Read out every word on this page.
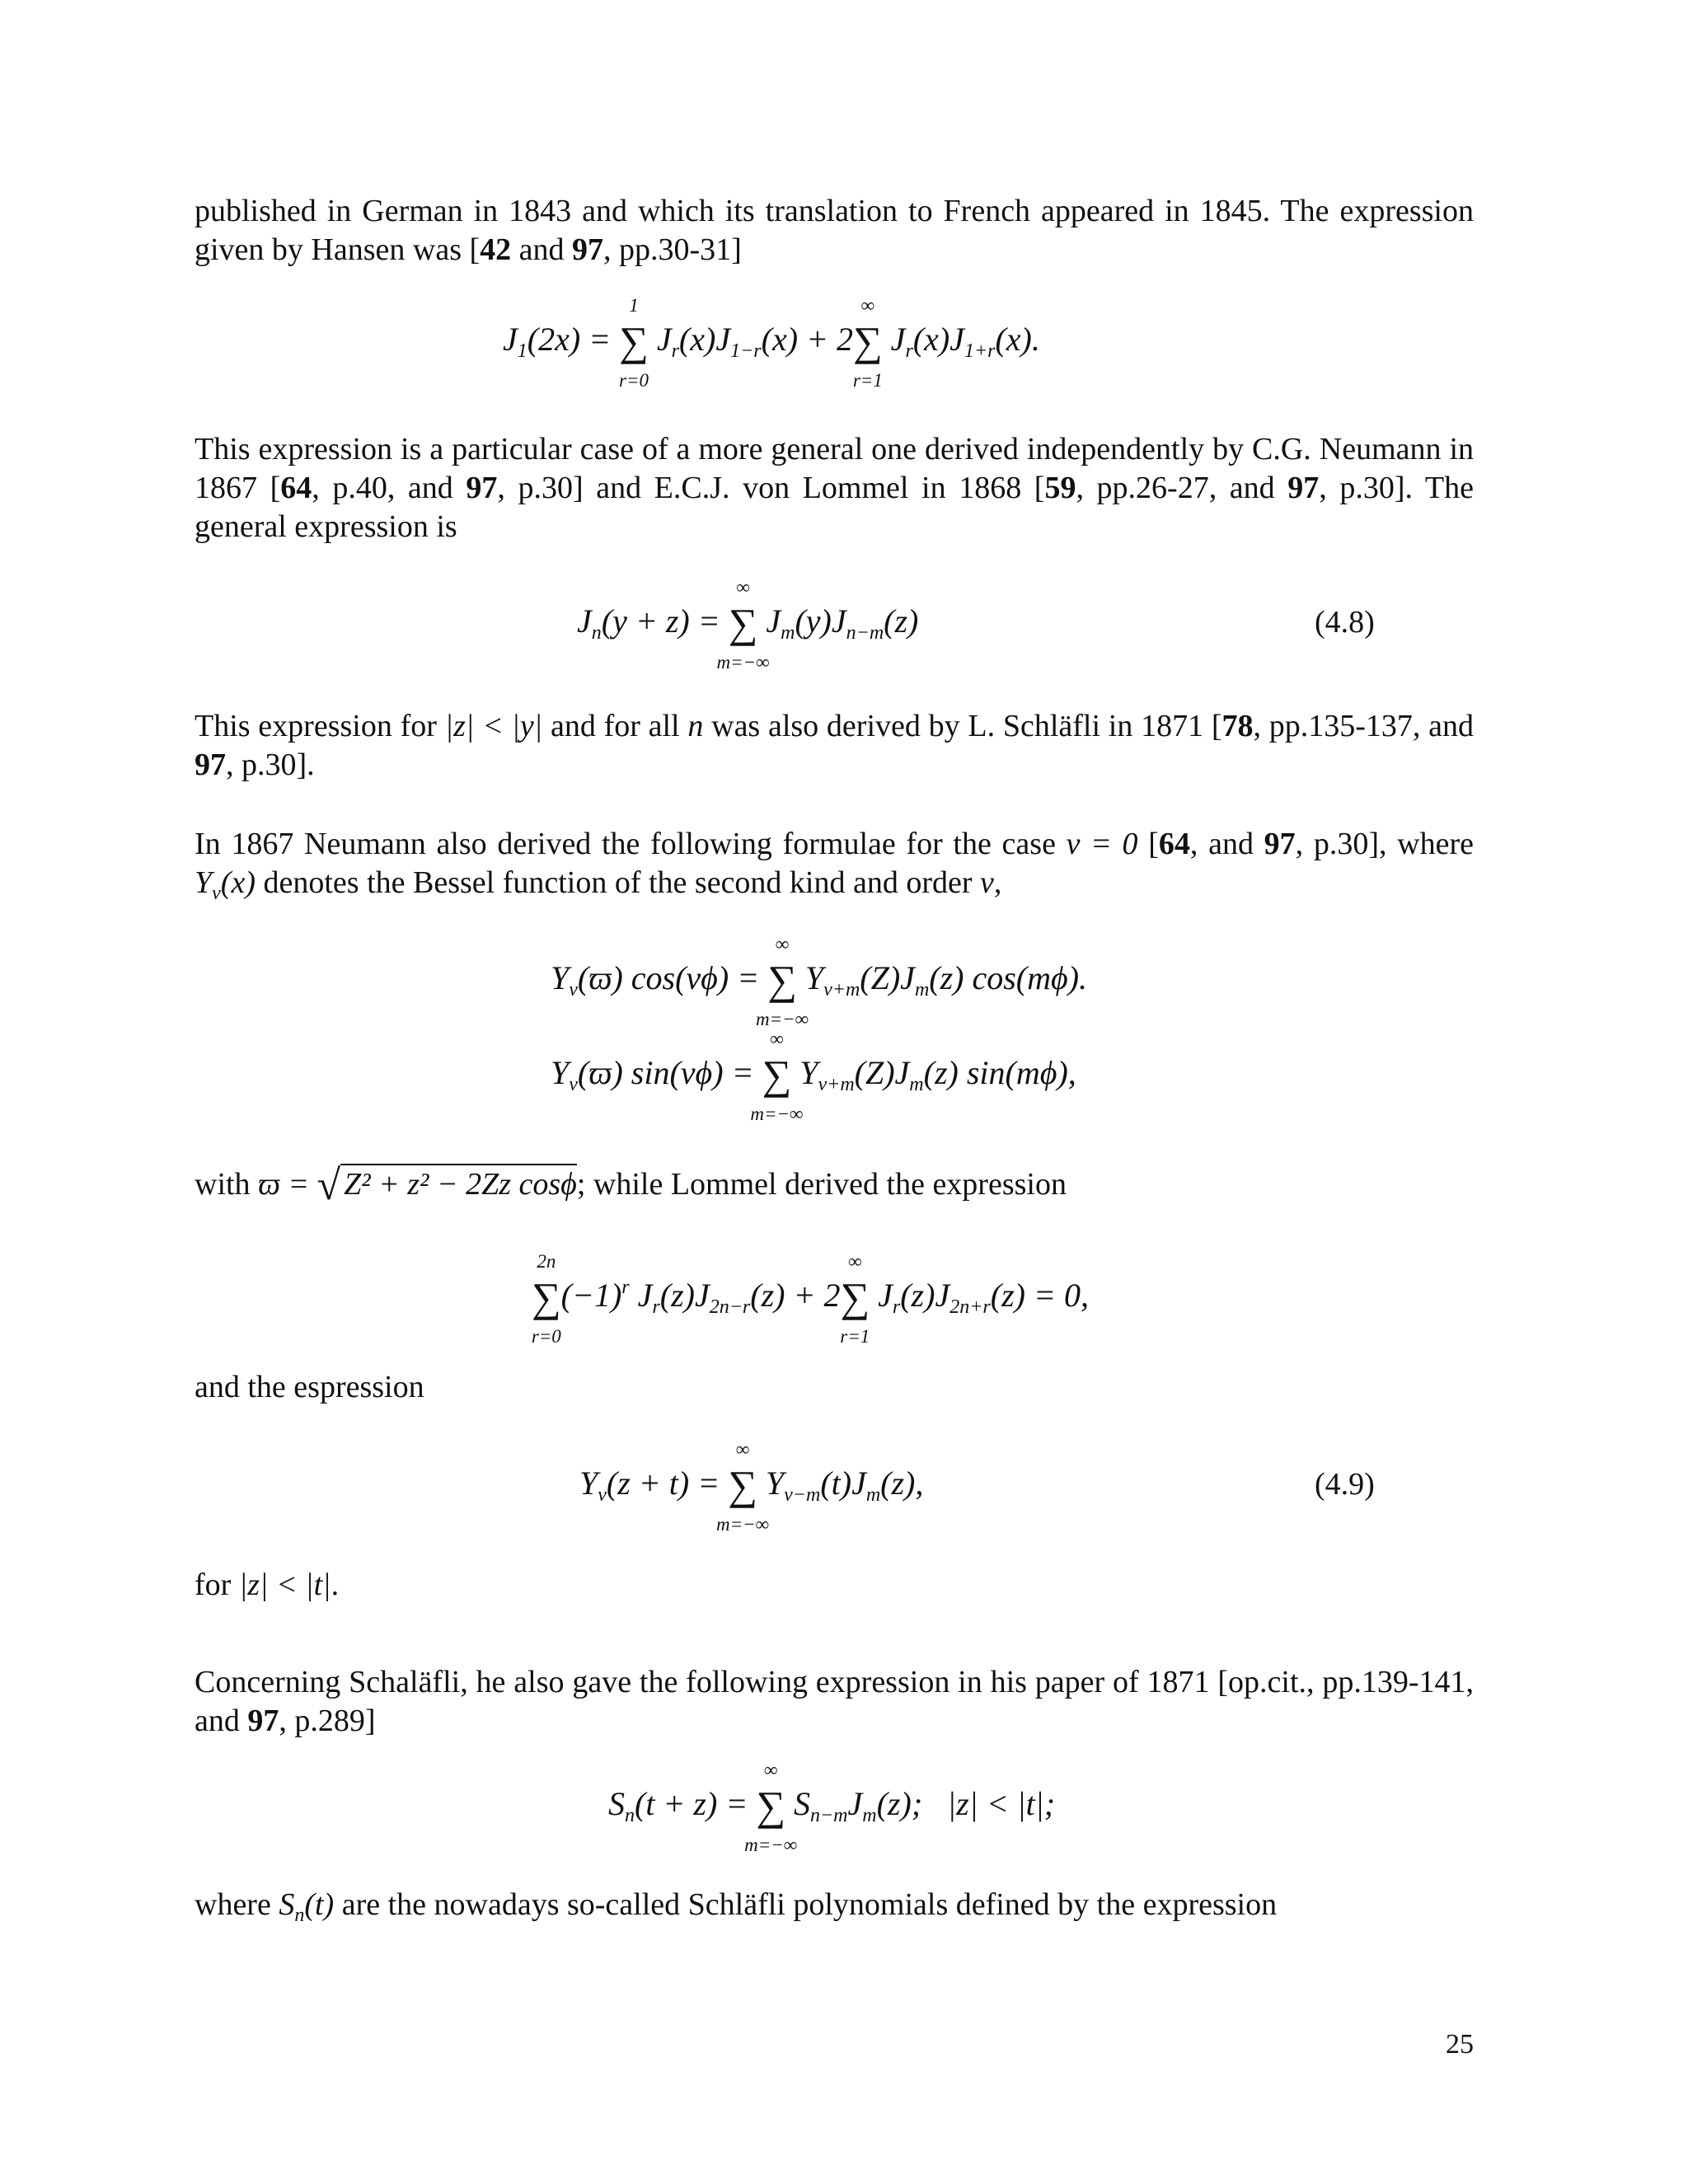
published in German in 1843 and which its translation to French appeared in 1845. The expression given by Hansen was [42 and 97, pp.30-31]
$J_1(2x)$ = ∑
1
r=0
$J_r(x)J_{1-r}(x) + 2\sum$
∞
r=1
$J_r(x)J_{1+r}(x)$.
This expression is a particular case of a more general one derived independently by C.G. Neumann in 1867 [64, p.40, and 97, p.30] and E.C.J. von Lommel in 1868 [59, pp.26-27, and 97, p.30]. The general expression is
$J_n(y + z)$ = ∑
∞
m=−∞
$J_m(y)J_{n-m}(z)$	(4.8)
This expression for |z| < |y| and for all n was also derived by L. Schläfli in 1871 [78, pp.135-137, and 97, p.30].
In 1867 Neumann also derived the following formulae for the case ν = 0 [64, and 97, p.30], where $Y_\nu(x)$ denotes the Bessel function of the second kind and order ν,
$Y_\nu(ϖ) \cos(\nu\phi)$ = ∑
∞
m=−∞
$Y_{\nu+m}(Z)J_m(z)$ cos(mϕ).
$Y_\nu(ϖ) \sin(\nu\phi)$ = ∑
∞
m=−∞
$Y_{\nu+m}(Z)J_m(z)$ sin(mϕ),
with ϖ = √ Z² + z² − 2Zz cosϕ; while Lommel derived the expression
∑
2n
r=0
$(-1)^r$ $J_r(z)J_{2n-r}(z) + 2\sum$
∞
r=1
$J_r(z)J_{2n+r}(z) = 0$,
and the espression
$Y_\nu(z + t)$ = ∑
∞
m=−∞
$Y_{\nu-m}(t)J_m(z)$,	(4.9)
for |z| < |t|.
Concerning Schaläfli, he also gave the following expression in his paper of 1871 [op.cit., pp.139-141, and 97, p.289]
$S_n(t + z)$ = ∑
∞
m=−∞
$S_{n-m}J_m(z)$;   |z| < |t|;
where $S_n(t)$ are the nowadays so-called Schläfli polynomials defined by the expression
25
